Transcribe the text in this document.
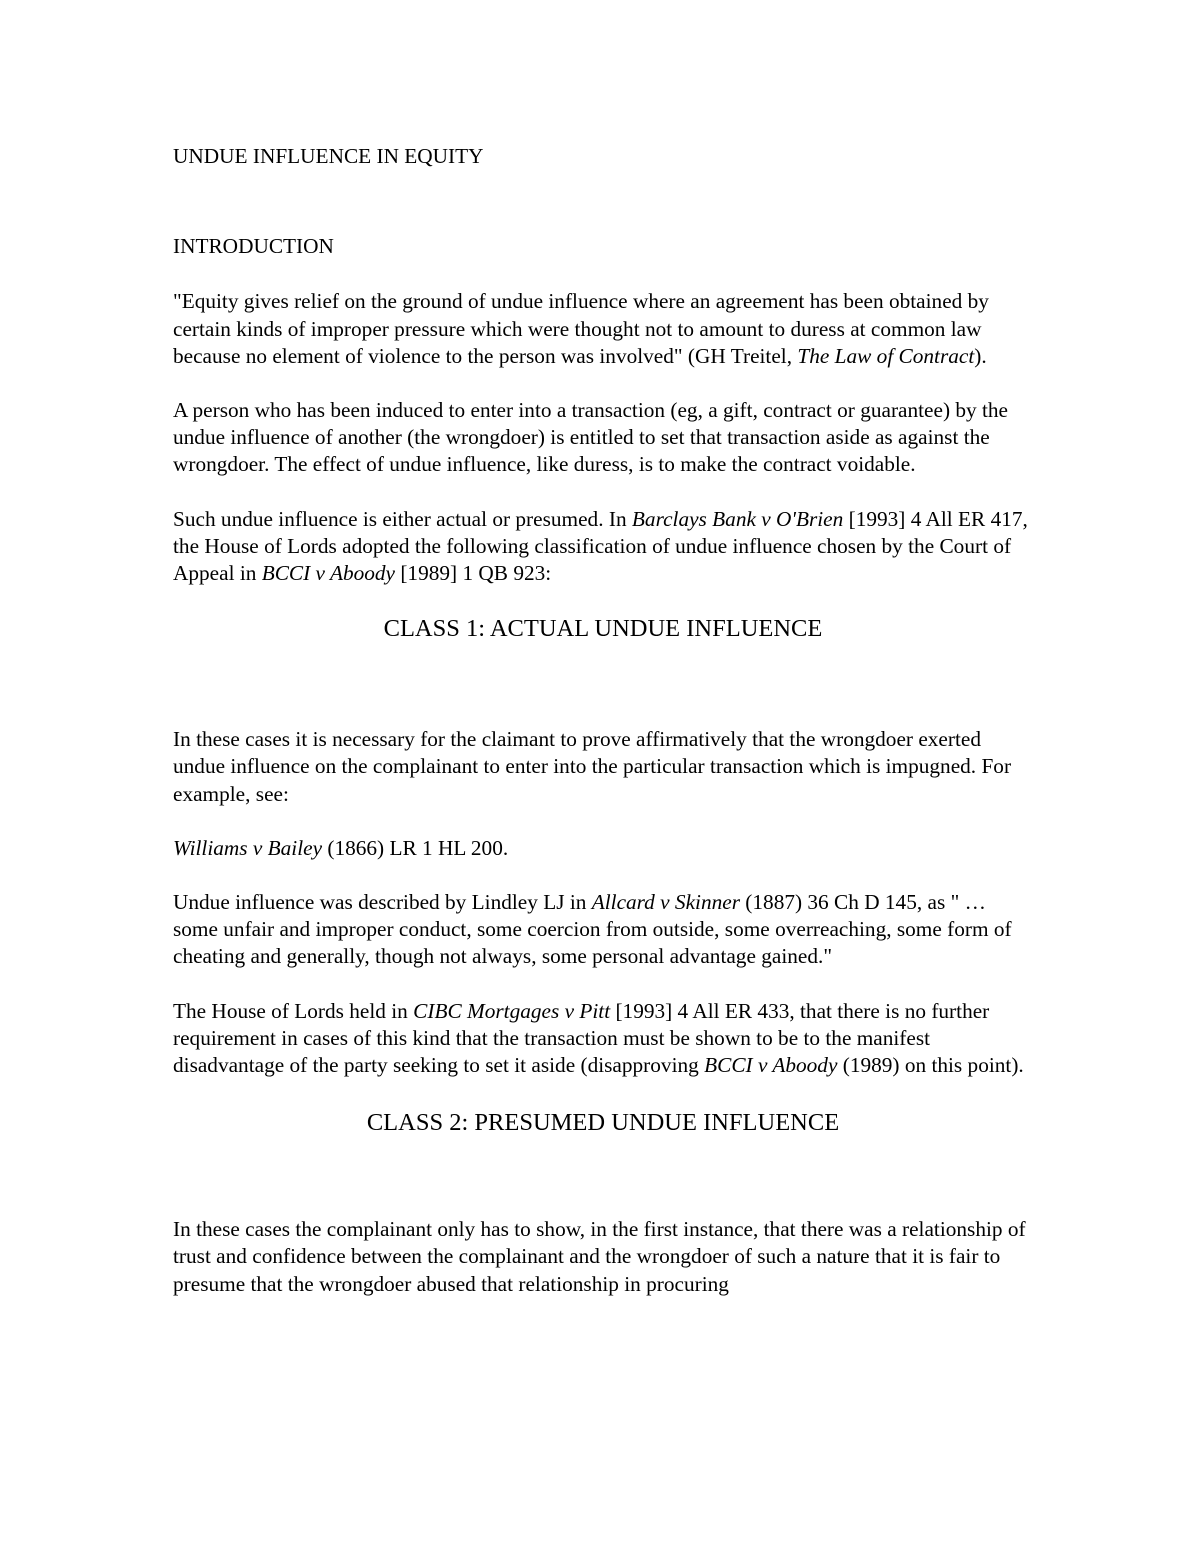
UNDUE INFLUENCE IN EQUITY
INTRODUCTION

"Equity gives relief on the ground of undue influence where an agreement has been obtained by certain kinds of improper pressure which were thought not to amount to duress at common law because no element of violence to the person was involved" (GH Treitel, The Law of Contract).

A person who has been induced to enter into a transaction (eg, a gift, contract or guarantee) by the undue influence of another (the wrongdoer) is entitled to set that transaction aside as against the wrongdoer. The effect of undue influence, like duress, is to make the contract voidable.

Such undue influence is either actual or presumed. In Barclays Bank v O'Brien [1993] 4 All ER 417, the House of Lords adopted the following classification of undue influence chosen by the Court of Appeal in BCCI v Aboody [1989] 1 QB 923:

CLASS 1: ACTUAL UNDUE INFLUENCE

In these cases it is necessary for the claimant to prove affirmatively that the wrongdoer exerted undue influence on the complainant to enter into the particular transaction which is impugned. For example, see:

Williams v Bailey (1866) LR 1 HL 200.

Undue influence was described by Lindley LJ in Allcard v Skinner (1887) 36 Ch D 145, as " … some unfair and improper conduct, some coercion from outside, some overreaching, some form of cheating and generally, though not always, some personal advantage gained."

The House of Lords held in CIBC Mortgages v Pitt [1993] 4 All ER 433, that there is no further requirement in cases of this kind that the transaction must be shown to be to the manifest disadvantage of the party seeking to set it aside (disapproving BCCI v Aboody (1989) on this point).

CLASS 2: PRESUMED UNDUE INFLUENCE

In these cases the complainant only has to show, in the first instance, that there was a relationship of trust and confidence between the complainant and the wrongdoer of such a nature that it is fair to presume that the wrongdoer abused that relationship in procuring
